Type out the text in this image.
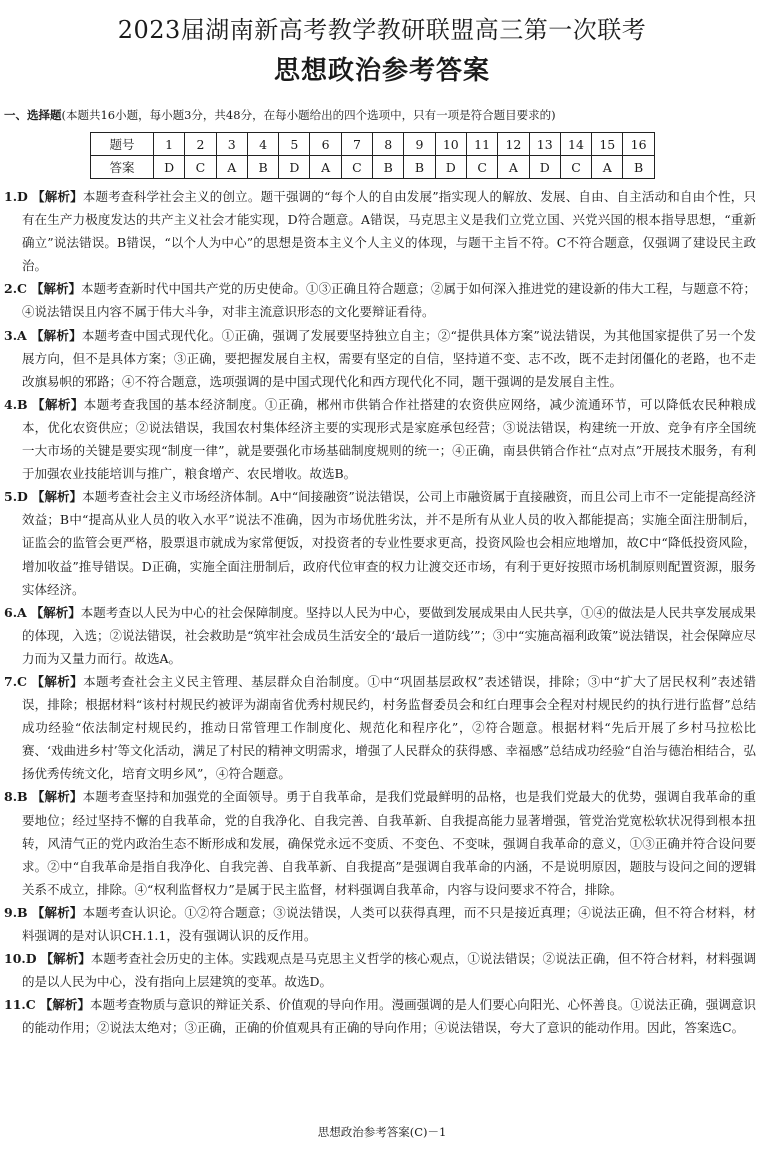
2023届湖南新高考教学教研联盟高三第一次联考
思想政治参考答案
一、选择题(本题共16小题，每小题3分，共48分，在每小题给出的四个选项中，只有一项是符合题目要求的)
题号	1	2	3	4	5	6	7	8	9	10	11	12	13	14	15	16
答案	D	C	A	B	D	A	C	B	B	D	C	A	D	C	A	B
1.D 【解析】本题考查科学社会主义的创立。题干强调的“每个人的自由发展”指实现人的解放、发展、自由、自主活动和自由个性，只有在生产力极度发达的共产主义社会才能实现，D符合题意。A错误，马克思主义是我们立党立国、兴党兴国的根本指导思想，“重新确立”说法错误。B错误，“以个人为中心”的思想是资本主义个人主义的体现，与题干主旨不符。C不符合题意，仅强调了建设民主政治。
2.C 【解析】本题考查新时代中国共产党的历史使命。①③正确且符合题意；②属于如何深入推进党的建设新的伟大工程，与题意不符；④说法错误且内容不属于伟大斗争，对非主流意识形态的文化要辩证看待。
3.A 【解析】本题考查中国式现代化。①正确，强调了发展要坚持独立自主；②“提供具体方案”说法错误，为其他国家提供了另一个发展方向，但不是具体方案；③正确，要把握发展自主权，需要有坚定的自信，坚持道不变、志不改，既不走封闭僵化的老路，也不走改旗易帜的邪路；④不符合题意，选项强调的是中国式现代化和西方现代化不同，题干强调的是发展自主性。
4.B 【解析】本题考查我国的基本经济制度。①正确，郴州市供销合作社搭建的农资供应网络，减少流通环节，可以降低农民种粮成本，优化农资供应；②说法错误，我国农村集体经济主要的实现形式是家庭承包经营；③说法错误，构建统一开放、竞争有序全国统一大市场的关键是要实现“制度一律”，就是要强化市场基础制度规则的统一；④正确，南县供销合作社“点对点”开展技术服务，有利于加强农业技能培训与推广，粮食增产、农民增收。故选B。
5.D 【解析】本题考查社会主义市场经济体制。A中“间接融资”说法错误，公司上市融资属于直接融资，而且公司上市不一定能提高经济效益；B中“提高从业人员的收入水平”说法不准确，因为市场优胜劣汰，并不是所有从业人员的收入都能提高；实施全面注册制后，证监会的监管会更严格，股票退市就成为家常便饭，对投资者的专业性要求更高，投资风险也会相应地增加，故C中“降低投资风险，增加收益”推导错误。D正确，实施全面注册制后，政府代位审查的权力让渡交还市场，有利于更好按照市场机制原则配置资源，服务实体经济。
6.A 【解析】本题考查以人民为中心的社会保障制度。坚持以人民为中心，要做到发展成果由人民共享，①④的做法是人民共享发展成果的体现，入选；②说法错误，社会救助是“筑牢社会成员生活安全的‘最后一道防线’”；③中“实施高福利政策”说法错误，社会保障应尽力而为又量力而行。故选A。
7.C 【解析】本题考查社会主义民主管理、基层群众自治制度。①中“巩固基层政权”表述错误，排除；③中“扩大了居民权利”表述错误，排除；根据材料“该村村规民约被评为湖南省优秀村规民约，村务监督委员会和红白理事会全程对村规民约的执行进行监督”总结成功经验“依法制定村规民约，推动日常管理工作制度化、规范化和程序化”，②符合题意。根据材料“先后开展了乡村马拉松比赛、‘戏曲进乡村’等文化活动，满足了村民的精神文明需求，增强了人民群众的获得感、幸福感”总结成功经验“自治与德治相结合，弘扬优秀传统文化，培育文明乡风”，④符合题意。
8.B 【解析】本题考查坚持和加强党的全面领导。勇于自我革命，是我们党最鲜明的品格，也是我们党最大的优势，强调自我革命的重要地位；经过坚持不懈的自我革命，党的自我净化、自我完善、自我革新、自我提高能力显著增强，管党治党宽松软状况得到根本扭转，风清气正的党内政治生态不断形成和发展，确保党永远不变质、不变色、不变味，强调自我革命的意义，①③正确并符合设问要求。②中“自我革命是指自我净化、自我完善、自我革新、自我提高”是强调自我革命的内涵，不是说明原因，题肢与设问之间的逻辑关系不成立，排除。④“权利监督权力”是属于民主监督，材料强调自我革命，内容与设问要求不符合，排除。
9.B 【解析】本题考查认识论。①②符合题意；③说法错误，人类可以获得真理，而不只是接近真理；④说法正确，但不符合材料，材料强调的是对认识CH.1.1，没有强调认识的反作用。
10.D 【解析】本题考查社会历史的主体。实践观点是马克思主义哲学的核心观点，①说法错误；②说法正确，但不符合材料，材料强调的是以人民为中心，没有指向上层建筑的变革。故选D。
11.C 【解析】本题考查物质与意识的辩证关系、价值观的导向作用。漫画强调的是人们要心向阳光、心怀善良。①说法正确，强调意识的能动作用；②说法太绝对；③正确，正确的价值观具有正确的导向作用；④说法错误，夸大了意识的能动作用。因此，答案选C。
思想政治参考答案(C)－1
